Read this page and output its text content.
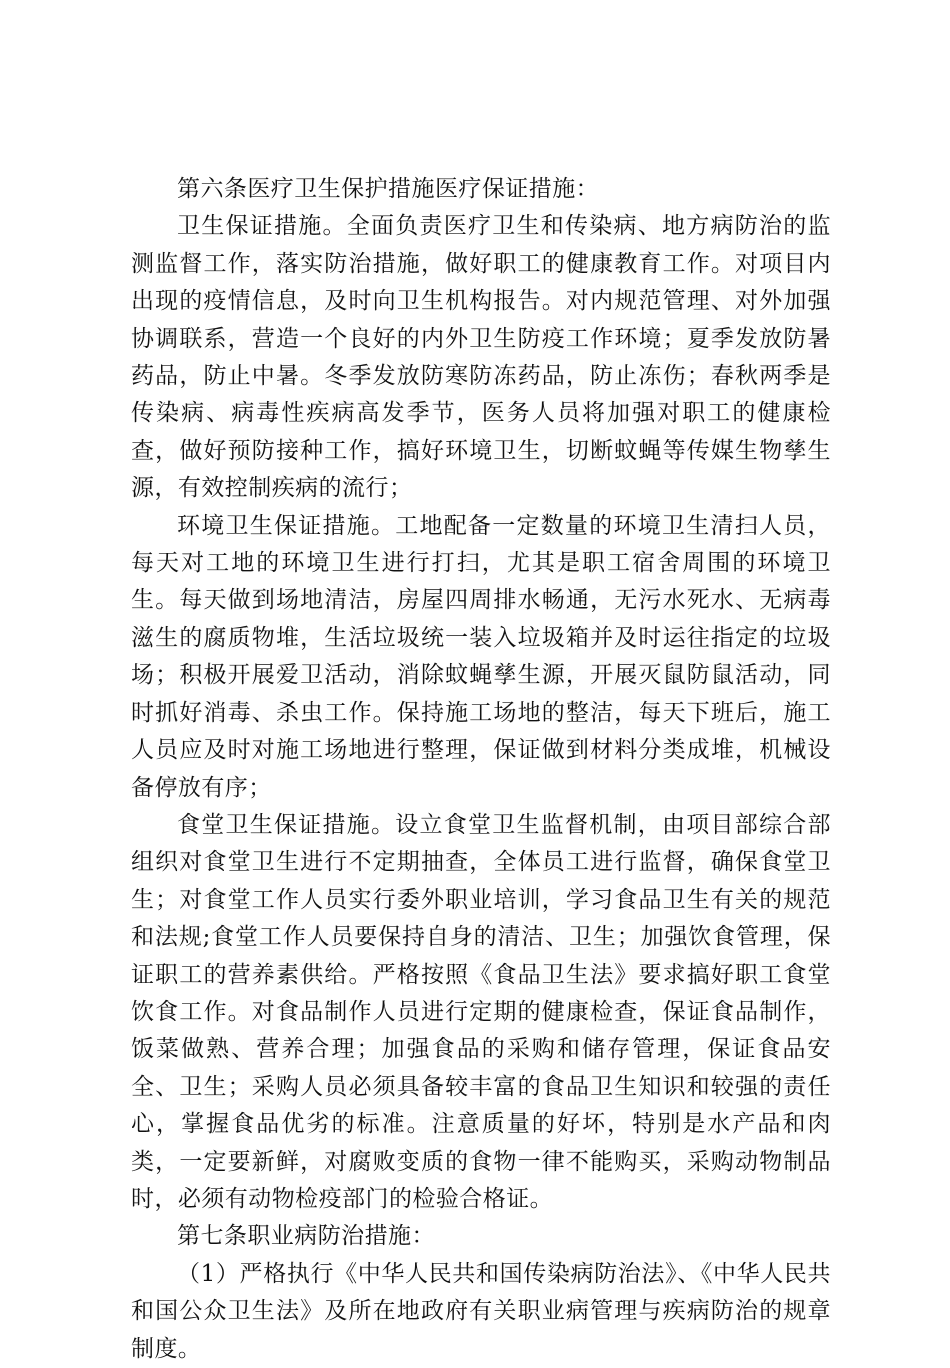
第六条医疗卫生保护措施医疗保证措施：

卫生保证措施。全面负责医疗卫生和传染病、地方病防治的监测监督工作，落实防治措施，做好职工的健康教育工作。对项目内出现的疫情信息，及时向卫生机构报告。对内规范管理、对外加强协调联系，营造一个良好的内外卫生防疫工作环境；夏季发放防暑药品，防止中暑。冬季发放防寒防冻药品，防止冻伤；春秋两季是传染病、病毒性疾病高发季节，医务人员将加强对职工的健康检查，做好预防接种工作，搞好环境卫生，切断蚊蝇等传媒生物孳生源，有效控制疾病的流行；

环境卫生保证措施。工地配备一定数量的环境卫生清扫人员，每天对工地的环境卫生进行打扫，尤其是职工宿舍周围的环境卫生。每天做到场地清洁，房屋四周排水畅通，无污水死水、无病毒滋生的腐质物堆，生活垃圾统一装入垃圾箱并及时运往指定的垃圾场；积极开展爱卫活动，消除蚊蝇孳生源，开展灭鼠防鼠活动，同时抓好消毒、杀虫工作。保持施工场地的整洁，每天下班后，施工人员应及时对施工场地进行整理，保证做到材料分类成堆，机械设备停放有序；

食堂卫生保证措施。设立食堂卫生监督机制，由项目部综合部组织对食堂卫生进行不定期抽查，全体员工进行监督，确保食堂卫生；对食堂工作人员实行委外职业培训，学习食品卫生有关的规范和法规;食堂工作人员要保持自身的清洁、卫生；加强饮食管理，保证职工的营养素供给。严格按照《食品卫生法》要求搞好职工食堂饮食工作。对食品制作人员进行定期的健康检查，保证食品制作，饭菜做熟、营养合理；加强食品的采购和储存管理，保证食品安全、卫生；采购人员必须具备较丰富的食品卫生知识和较强的责任心，掌握食品优劣的标准。注意质量的好坏，特别是水产品和肉类，一定要新鲜，对腐败变质的食物一律不能购买，采购动物制品时，必须有动物检疫部门的检验合格证。

第七条职业病防治措施：

（1）严格执行《中华人民共和国传染病防治法》、《中华人民共和国公众卫生法》及所在地政府有关职业病管理与疾病防治的规章制度。
